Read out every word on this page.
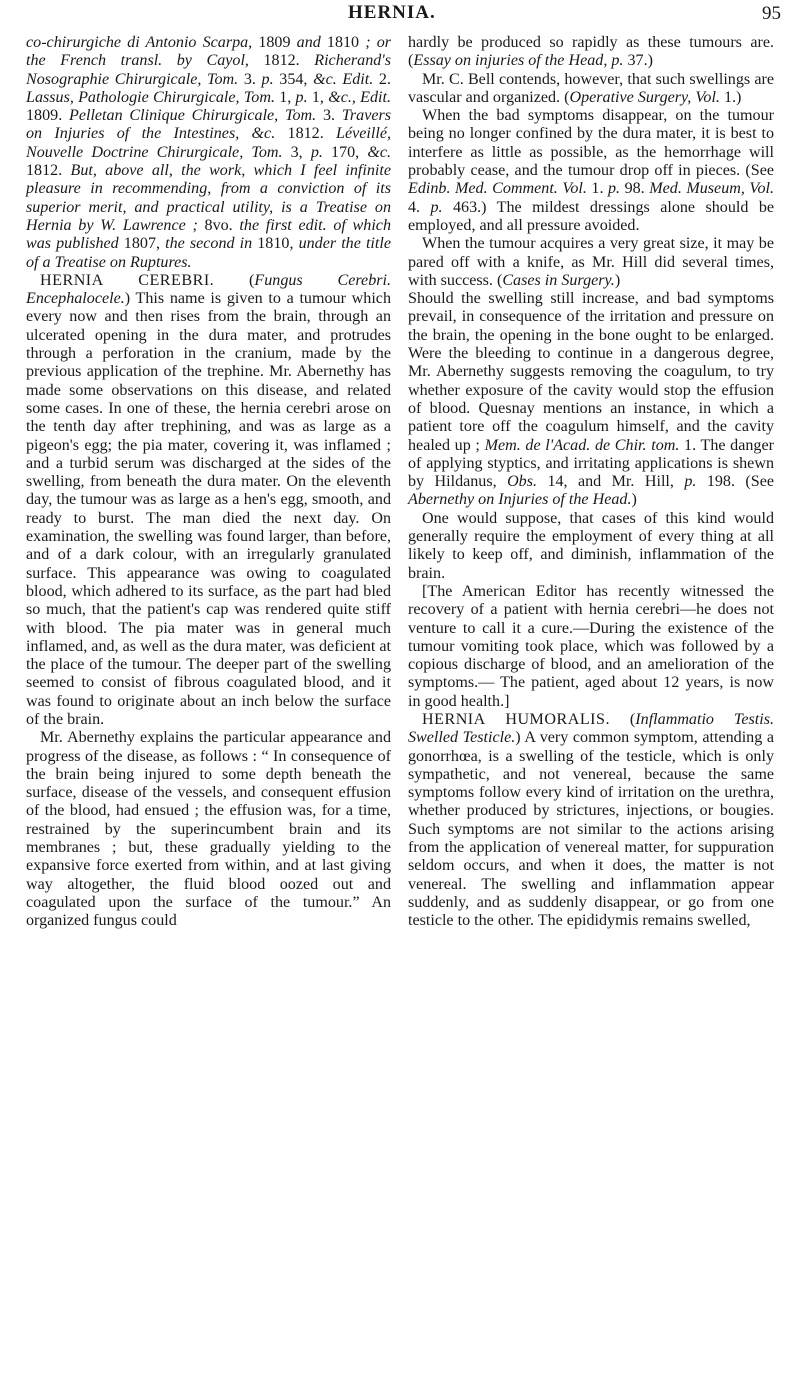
HERNIA.	95

co-chirurgiche di Antonio Scarpa, 1809 and 1810 ; or the French transl. by Cayol, 1812. Richerand's Nosographie Chirurgicale, Tom. 3. p. 354, &c. Edit. 2. Lassus, Pathologie Chirurgicale, Tom. 1, p. 1, &c., Edit. 1809. Pelletan Clinique Chirurgicale, Tom. 3. Travers on Injuries of the Intestines, &c. 1812. Léveillé, Nouvelle Doctrine Chirurgicale, Tom. 3, p. 170, &c. 1812. But, above all, the work, which I feel infinite pleasure in recommending, from a conviction of its superior merit, and practical utility, is a Treatise on Hernia by W. Lawrence ; 8vo. the first edit. of which was published 1807, the second in 1810, under the title of a Treatise on Ruptures.

HERNIA CEREBRI. (Fungus Cerebri. Encephalocele.) This name is given to a tumour which every now and then rises from the brain, through an ulcerated opening in the dura mater, and protrudes through a perforation in the cranium, made by the previous application of the trephine. Mr. Abernethy has made some observations on this disease, and related some cases. In one of these, the hernia cerebri arose on the tenth day after trephining, and was as large as a pigeon's egg; the pia mater, covering it, was inflamed ; and a turbid serum was discharged at the sides of the swelling, from beneath the dura mater. On the eleventh day, the tumour was as large as a hen's egg, smooth, and ready to burst. The man died the next day. On examination, the swelling was found larger, than before, and of a dark colour, with an irregularly granulated surface. This appearance was owing to coagulated blood, which adhered to its surface, as the part had bled so much, that the patient's cap was rendered quite stiff with blood. The pia mater was in general much inflamed, and, as well as the dura mater, was deficient at the place of the tumour. The deeper part of the swelling seemed to consist of fibrous coagulated blood, and it was found to originate about an inch below the surface of the brain.

Mr. Abernethy explains the particular appearance and progress of the disease, as follows : “ In consequence of the brain being injured to some depth beneath the surface, disease of the vessels, and consequent effusion of the blood, had ensued ; the effusion was, for a time, restrained by the superincumbent brain and its membranes ; but, these gradually yielding to the expansive force exerted from within, and at last giving way altogether, the fluid blood oozed out and coagulated upon the surface of the tumour.” An organized fungus could

hardly be produced so rapidly as these tumours are. (Essay on injuries of the Head, p. 37.)

Mr. C. Bell contends, however, that such swellings are vascular and organized. (Operative Surgery, Vol. 1.)

When the bad symptoms disappear, on the tumour being no longer confined by the dura mater, it is best to interfere as little as possible, as the hemorrhage will probably cease, and the tumour drop off in pieces. (See Edinb. Med. Comment. Vol. 1. p. 98. Med. Museum, Vol. 4. p. 463.) The mildest dressings alone should be employed, and all pressure avoided.

When the tumour acquires a very great size, it may be pared off with a knife, as Mr. Hill did several times, with success. (Cases in Surgery.)

Should the swelling still increase, and bad symptoms prevail, in consequence of the irritation and pressure on the brain, the opening in the bone ought to be enlarged. Were the bleeding to continue in a dangerous degree, Mr. Abernethy suggests removing the coagulum, to try whether exposure of the cavity would stop the effusion of blood. Quesnay mentions an instance, in which a patient tore off the coagulum himself, and the cavity healed up ; Mem. de l'Acad. de Chir. tom. 1. The danger of applying styptics, and irritating applications is shewn by Hildanus, Obs. 14, and Mr. Hill, p. 198. (See Abernethy on Injuries of the Head.)

One would suppose, that cases of this kind would generally require the employment of every thing at all likely to keep off, and diminish, inflammation of the brain.

[The American Editor has recently witnessed the recovery of a patient with hernia cerebri—he does not venture to call it a cure.—During the existence of the tumour vomiting took place, which was followed by a copious discharge of blood, and an amelioration of the symptoms.— The patient, aged about 12 years, is now in good health.]

HERNIA HUMORALIS. (Inflammatio Testis. Swelled Testicle.) A very common symptom, attending a gonorrhœa, is a swelling of the testicle, which is only sympathetic, and not venereal, because the same symptoms follow every kind of irritation on the urethra, whether produced by strictures, injections, or bougies. Such symptoms are not similar to the actions arising from the application of venereal matter, for suppuration seldom occurs, and when it does, the matter is not venereal. The swelling and inflammation appear suddenly, and as suddenly disappear, or go from one testicle to the other. The epididymis remains swelled,
